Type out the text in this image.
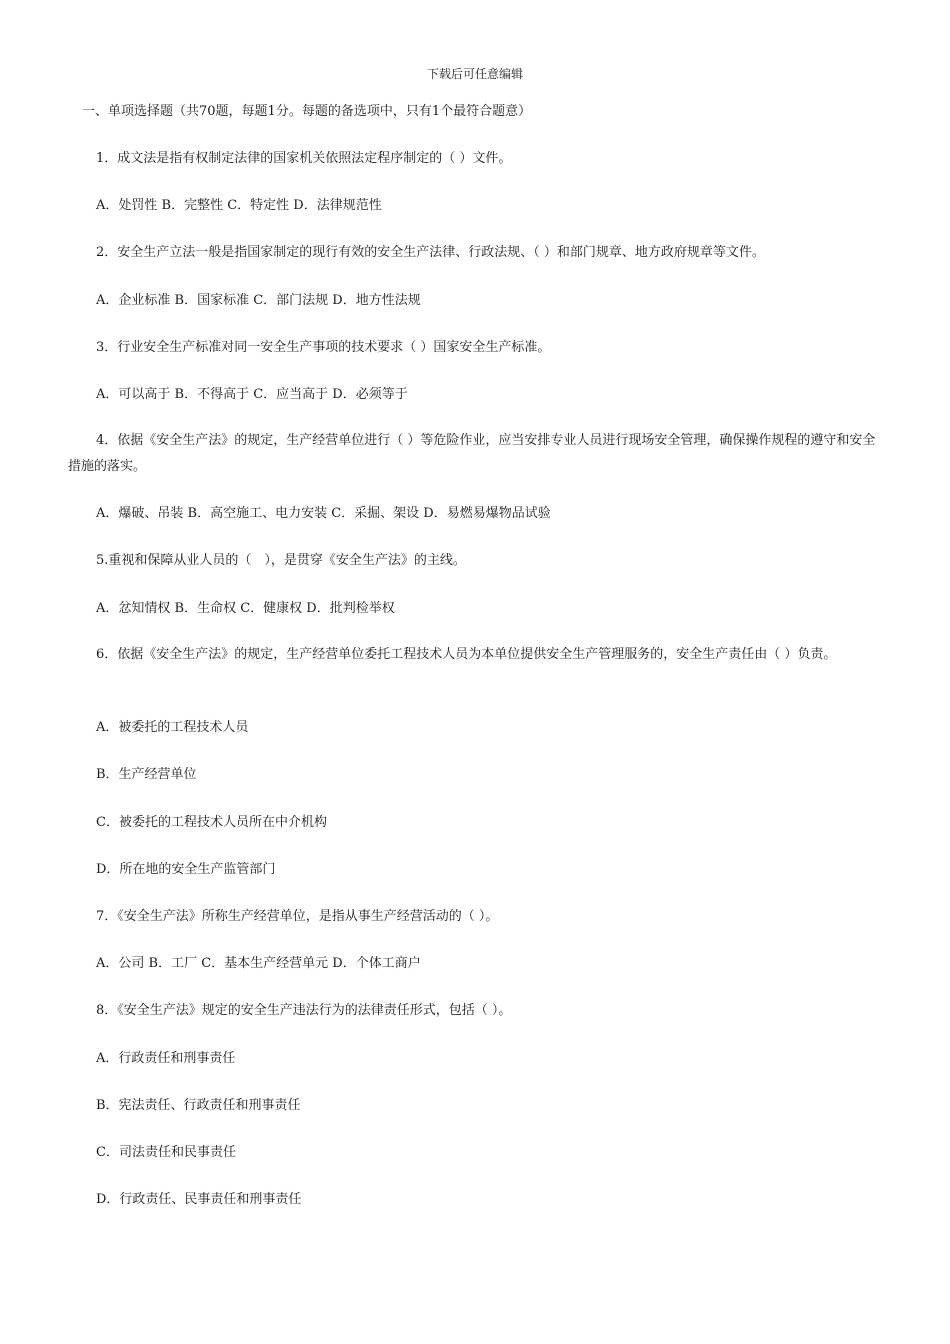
下载后可任意编辑
一、单项选择题（共70题，每题1分。每题的备选项中，只有1个最符合题意）
1．成文法是指有权制定法律的国家机关依照法定程序制定的（ ）文件。
A．处罚性 B．完整性 C．特定性 D．法律规范性
2．安全生产立法一般是指国家制定的现行有效的安全生产法律、行政法规、（ ）和部门规章、地方政府规章等文件。
A．企业标准 B．国家标准 C．部门法规 D．地方性法规
3．行业安全生产标准对同一安全生产事项的技术要求（ ）国家安全生产标准。
A．可以高于 B．不得高于 C．应当高于 D．必须等于
4．依据《安全生产法》的规定，生产经营单位进行（ ）等危险作业，应当安排专业人员进行现场安全管理，确保操作规程的遵守和安全措施的落实。
A．爆破、吊装 B．高空施工、电力安装 C．采掘、架设 D．易燃易爆物品试验
5.重视和保障从业人员的（　），是贯穿《安全生产法》的主线。
A．忿知情权 B．生命权 C．健康权 D．批判检举权
6．依据《安全生产法》的规定，生产经营单位委托工程技术人员为本单位提供安全生产管理服务的，安全生产责任由（ ）负责。
A．被委托的工程技术人员
B．生产经营单位
C．被委托的工程技术人员所在中介机构
D．所在地的安全生产监管部门
7．《安全生产法》所称生产经营单位，是指从事生产经营活动的（ ）。
A．公司 B．工厂 C．基本生产经营单元 D．个体工商户
8．《安全生产法》规定的安全生产违法行为的法律责任形式，包括（ ）。
A．行政责任和刑事责任
B．宪法责任、行政责任和刑事责任
C．司法责任和民事责任
D．行政责任、民事责任和刑事责任
